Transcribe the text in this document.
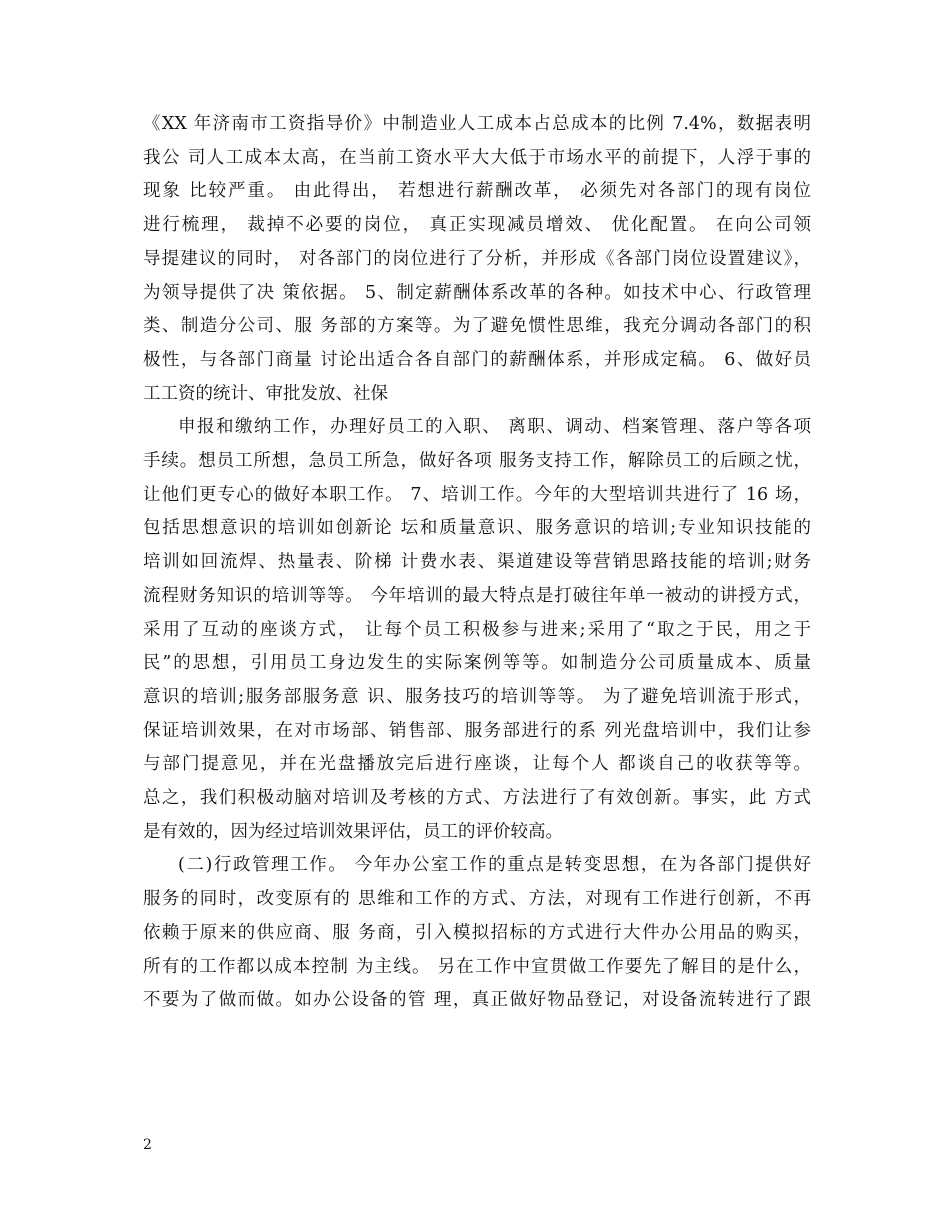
《XX 年济南市工资指导价》中制造业人工成本占总成本的比例 7.4%，数据表明
我公 司人工成本太高，在当前工资水平大大低于市场水平的前提下，人浮于事的
现象 比较严重。 由此得出， 若想进行薪酬改革， 必须先对各部门的现有岗位
进行梳理， 裁掉不必要的岗位， 真正实现减员增效、 优化配置。 在向公司领
导提建议的同时， 对各部门的岗位进行了分析，并形成《各部门岗位设置建议》，
为领导提供了决 策依据。 5、制定薪酬体系改革的各种。如技术中心、行政管理
类、制造分公司、服 务部的方案等。为了避免惯性思维，我充分调动各部门的积
极性，与各部门商量 讨论出适合各自部门的薪酬体系，并形成定稿。 6、做好员
工工资的统计、审批发放、社保
申报和缴纳工作，办理好员工的入职、 离职、调动、档案管理、落户等各项
手续。想员工所想，急员工所急，做好各项 服务支持工作，解除员工的后顾之忧，
让他们更专心的做好本职工作。 7、培训工作。今年的大型培训共进行了 16 场，
包括思想意识的培训如创新论 坛和质量意识、服务意识的培训;专业知识技能的
培训如回流焊、热量表、阶梯 计费水表、渠道建设等营销思路技能的培训;财务
流程财务知识的培训等等。 今年培训的最大特点是打破往年单一被动的讲授方式，
采用了互动的座谈方式， 让每个员工积极参与进来;采用了“取之于民，用之于
民”的思想，引用员工身边发生的实际案例等等。如制造分公司质量成本、质量
意识的培训;服务部服务意 识、服务技巧的培训等等。 为了避免培训流于形式，
保证培训效果，在对市场部、销售部、服务部进行的系 列光盘培训中，我们让参
与部门提意见，并在光盘播放完后进行座谈，让每个人 都谈自己的收获等等。
总之，我们积极动脑对培训及考核的方式、方法进行了有效创新。事实，此 方式
是有效的，因为经过培训效果评估，员工的评价较高。
(二)行政管理工作。 今年办公室工作的重点是转变思想，在为各部门提供好
服务的同时，改变原有的 思维和工作的方式、方法，对现有工作进行创新，不再
依赖于原来的供应商、服 务商，引入模拟招标的方式进行大件办公用品的购买，
所有的工作都以成本控制 为主线。 另在工作中宣贯做工作要先了解目的是什么，
不要为了做而做。如办公设备的管 理，真正做好物品登记，对设备流转进行了跟
2
